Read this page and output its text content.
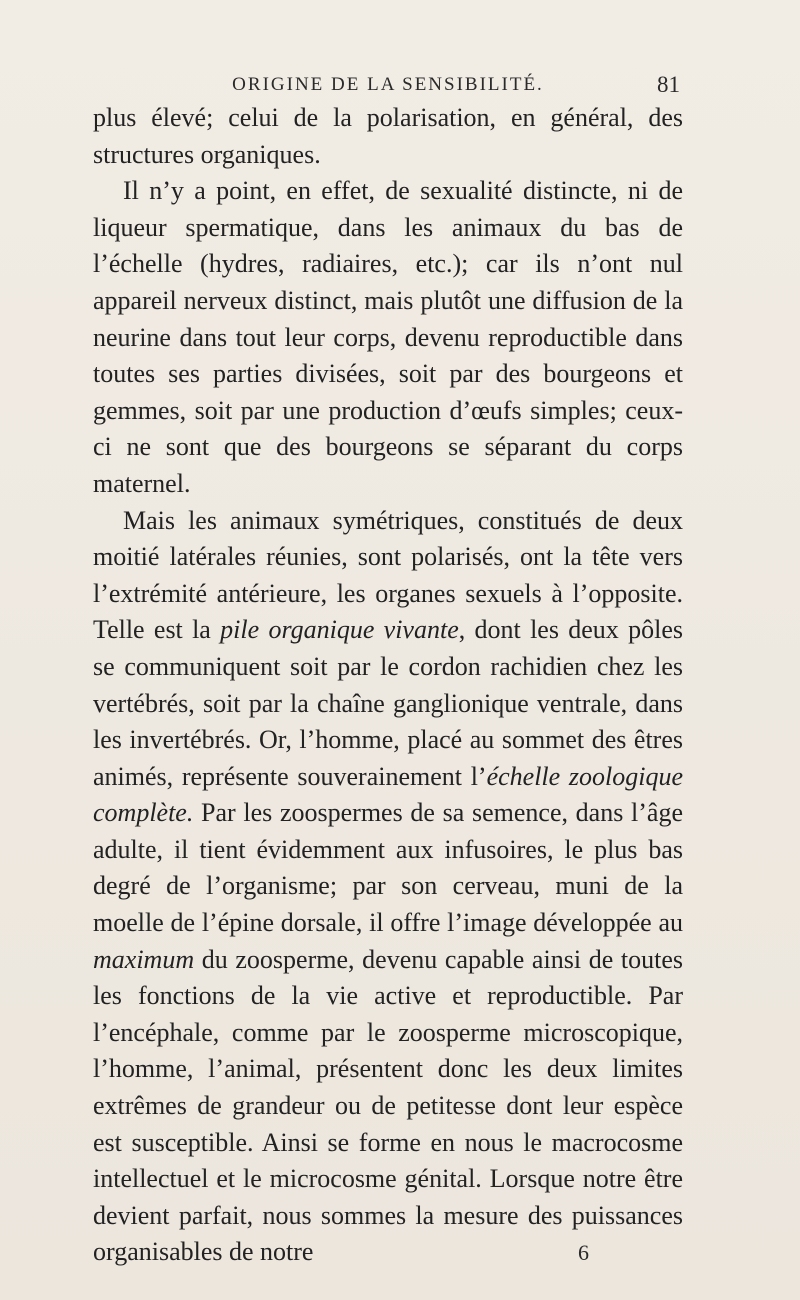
ORIGINE DE LA SENSIBILITÉ.	81

plus élevé; celui de la polarisation, en général, des structures organiques.

Il n’y a point, en effet, de sexualité distincte, ni de liqueur spermatique, dans les animaux du bas de l’échelle (hydres, radiaires, etc.); car ils n’ont nul appareil nerveux distinct, mais plutôt une diffusion de la neurine dans tout leur corps, devenu reproductible dans toutes ses parties divisées, soit par des bourgeons et gemmes, soit par une production d’œufs simples; ceux-ci ne sont que des bourgeons se séparant du corps maternel.

Mais les animaux symétriques, constitués de deux moitié latérales réunies, sont polarisés, ont la tête vers l’extrémité antérieure, les organes sexuels à l’opposite. Telle est la pile organique vivante, dont les deux pôles se communiquent soit par le cordon rachidien chez les vertébrés, soit par la chaîne ganglionique ventrale, dans les invertébrés. Or, l’homme, placé au sommet des êtres animés, représente souverainement l’échelle zoologique complète. Par les zoospermes de sa semence, dans l’âge adulte, il tient évidemment aux infusoires, le plus bas degré de l’organisme; par son cerveau, muni de la moelle de l’épine dorsale, il offre l’image développée au maximum du zoosperme, devenu capable ainsi de toutes les fonctions de la vie active et reproductible. Par l’encéphale, comme par le zoosperme microscopique, l’homme, l’animal, présentent donc les deux limites extrêmes de grandeur ou de petitesse dont leur espèce est susceptible. Ainsi se forme en nous le macrocosme intellectuel et le microcosme génital. Lorsque notre être devient parfait, nous sommes la mesure des puissances organisables de notre	6
